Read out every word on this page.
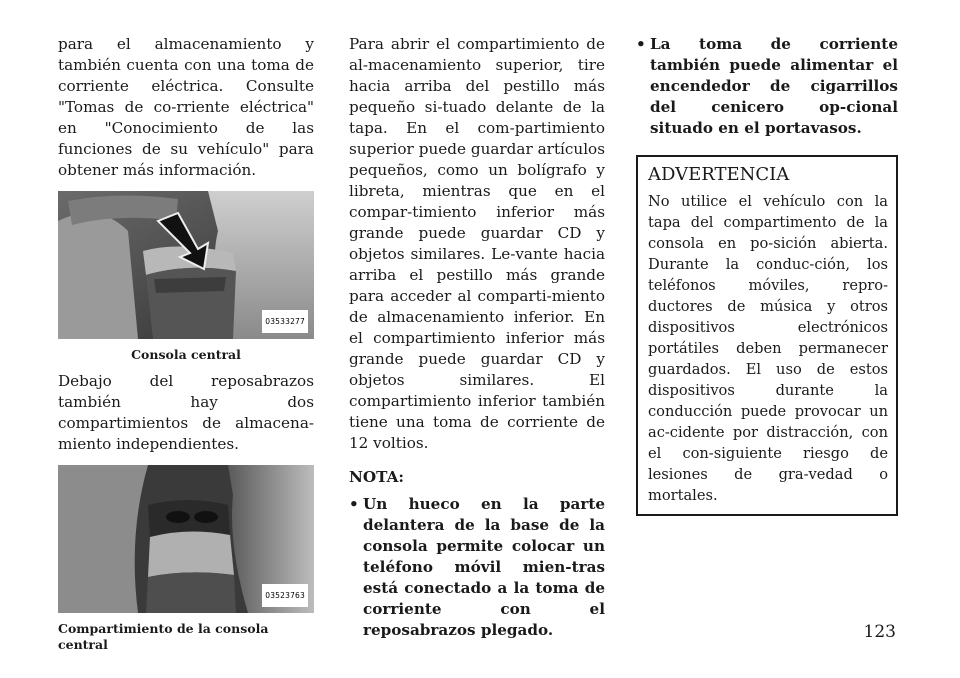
para el almacenamiento y también cuenta con una toma de corriente eléctrica. Consulte "Tomas de co-rriente eléctrica" en "Conocimiento de las funciones de su vehículo" para obtener más información.

03533277
Consola central

Debajo del reposabrazos también hay dos compartimientos de almacena-miento independientes.

03523763
Compartimiento de la consola central

Para abrir el compartimiento de al-macenamiento superior, tire hacia arriba del pestillo más pequeño si-tuado delante de la tapa. En el com-partimiento superior puede guardar artículos pequeños, como un bolígrafo y libreta, mientras que en el compar-timiento inferior más grande puede guardar CD y objetos similares. Le-vante hacia arriba el pestillo más grande para acceder al comparti-miento de almacenamiento inferior. En el compartimiento inferior más grande puede guardar CD y objetos similares. El compartimiento inferior también tiene una toma de corriente de 12 voltios.

NOTA:
• Un hueco en la parte delantera de la base de la consola permite colocar un teléfono móvil mien-tras está conectado a la toma de corriente con el reposabrazos plegado.
• La toma de corriente también puede alimentar el encendedor de cigarrillos del cenicero op-cional situado en el portavasos.
ADVERTENCIA

No utilice el vehículo con la tapa del compartimento de la consola en po-sición abierta. Durante la conduc-ción, los teléfonos móviles, repro-ductores de música y otros dispositivos electrónicos portátiles deben permanecer guardados. El uso de estos dispositivos durante la conducción puede provocar un ac-cidente por distracción, con el con-siguiente riesgo de lesiones de gra-vedad o mortales.

123
